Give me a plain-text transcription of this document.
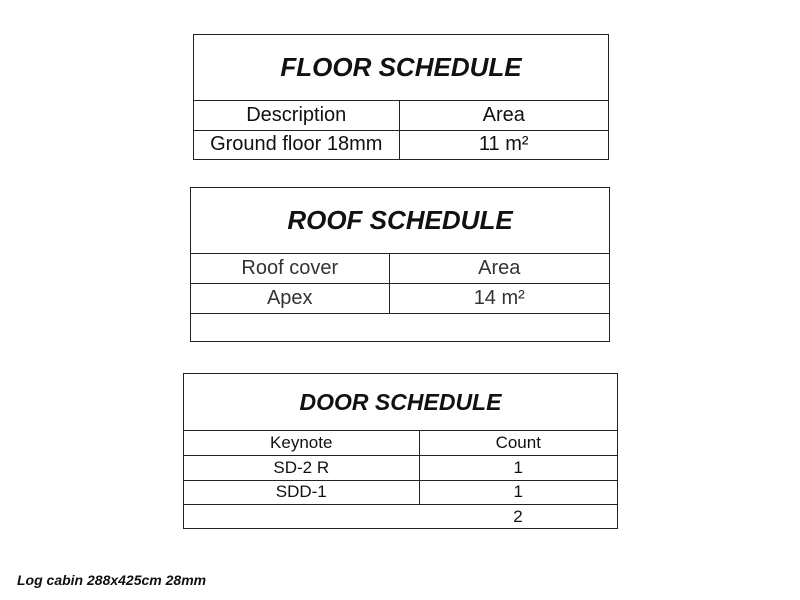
FLOOR SCHEDULE
Description	Area
Ground floor 18mm	11 m²
ROOF SCHEDULE
Roof cover	Area
Apex	14 m²

DOOR SCHEDULE
Keynote	Count
SD-2 R	1
SDD-1	1
	2
Log cabin 288x425cm 28mm
